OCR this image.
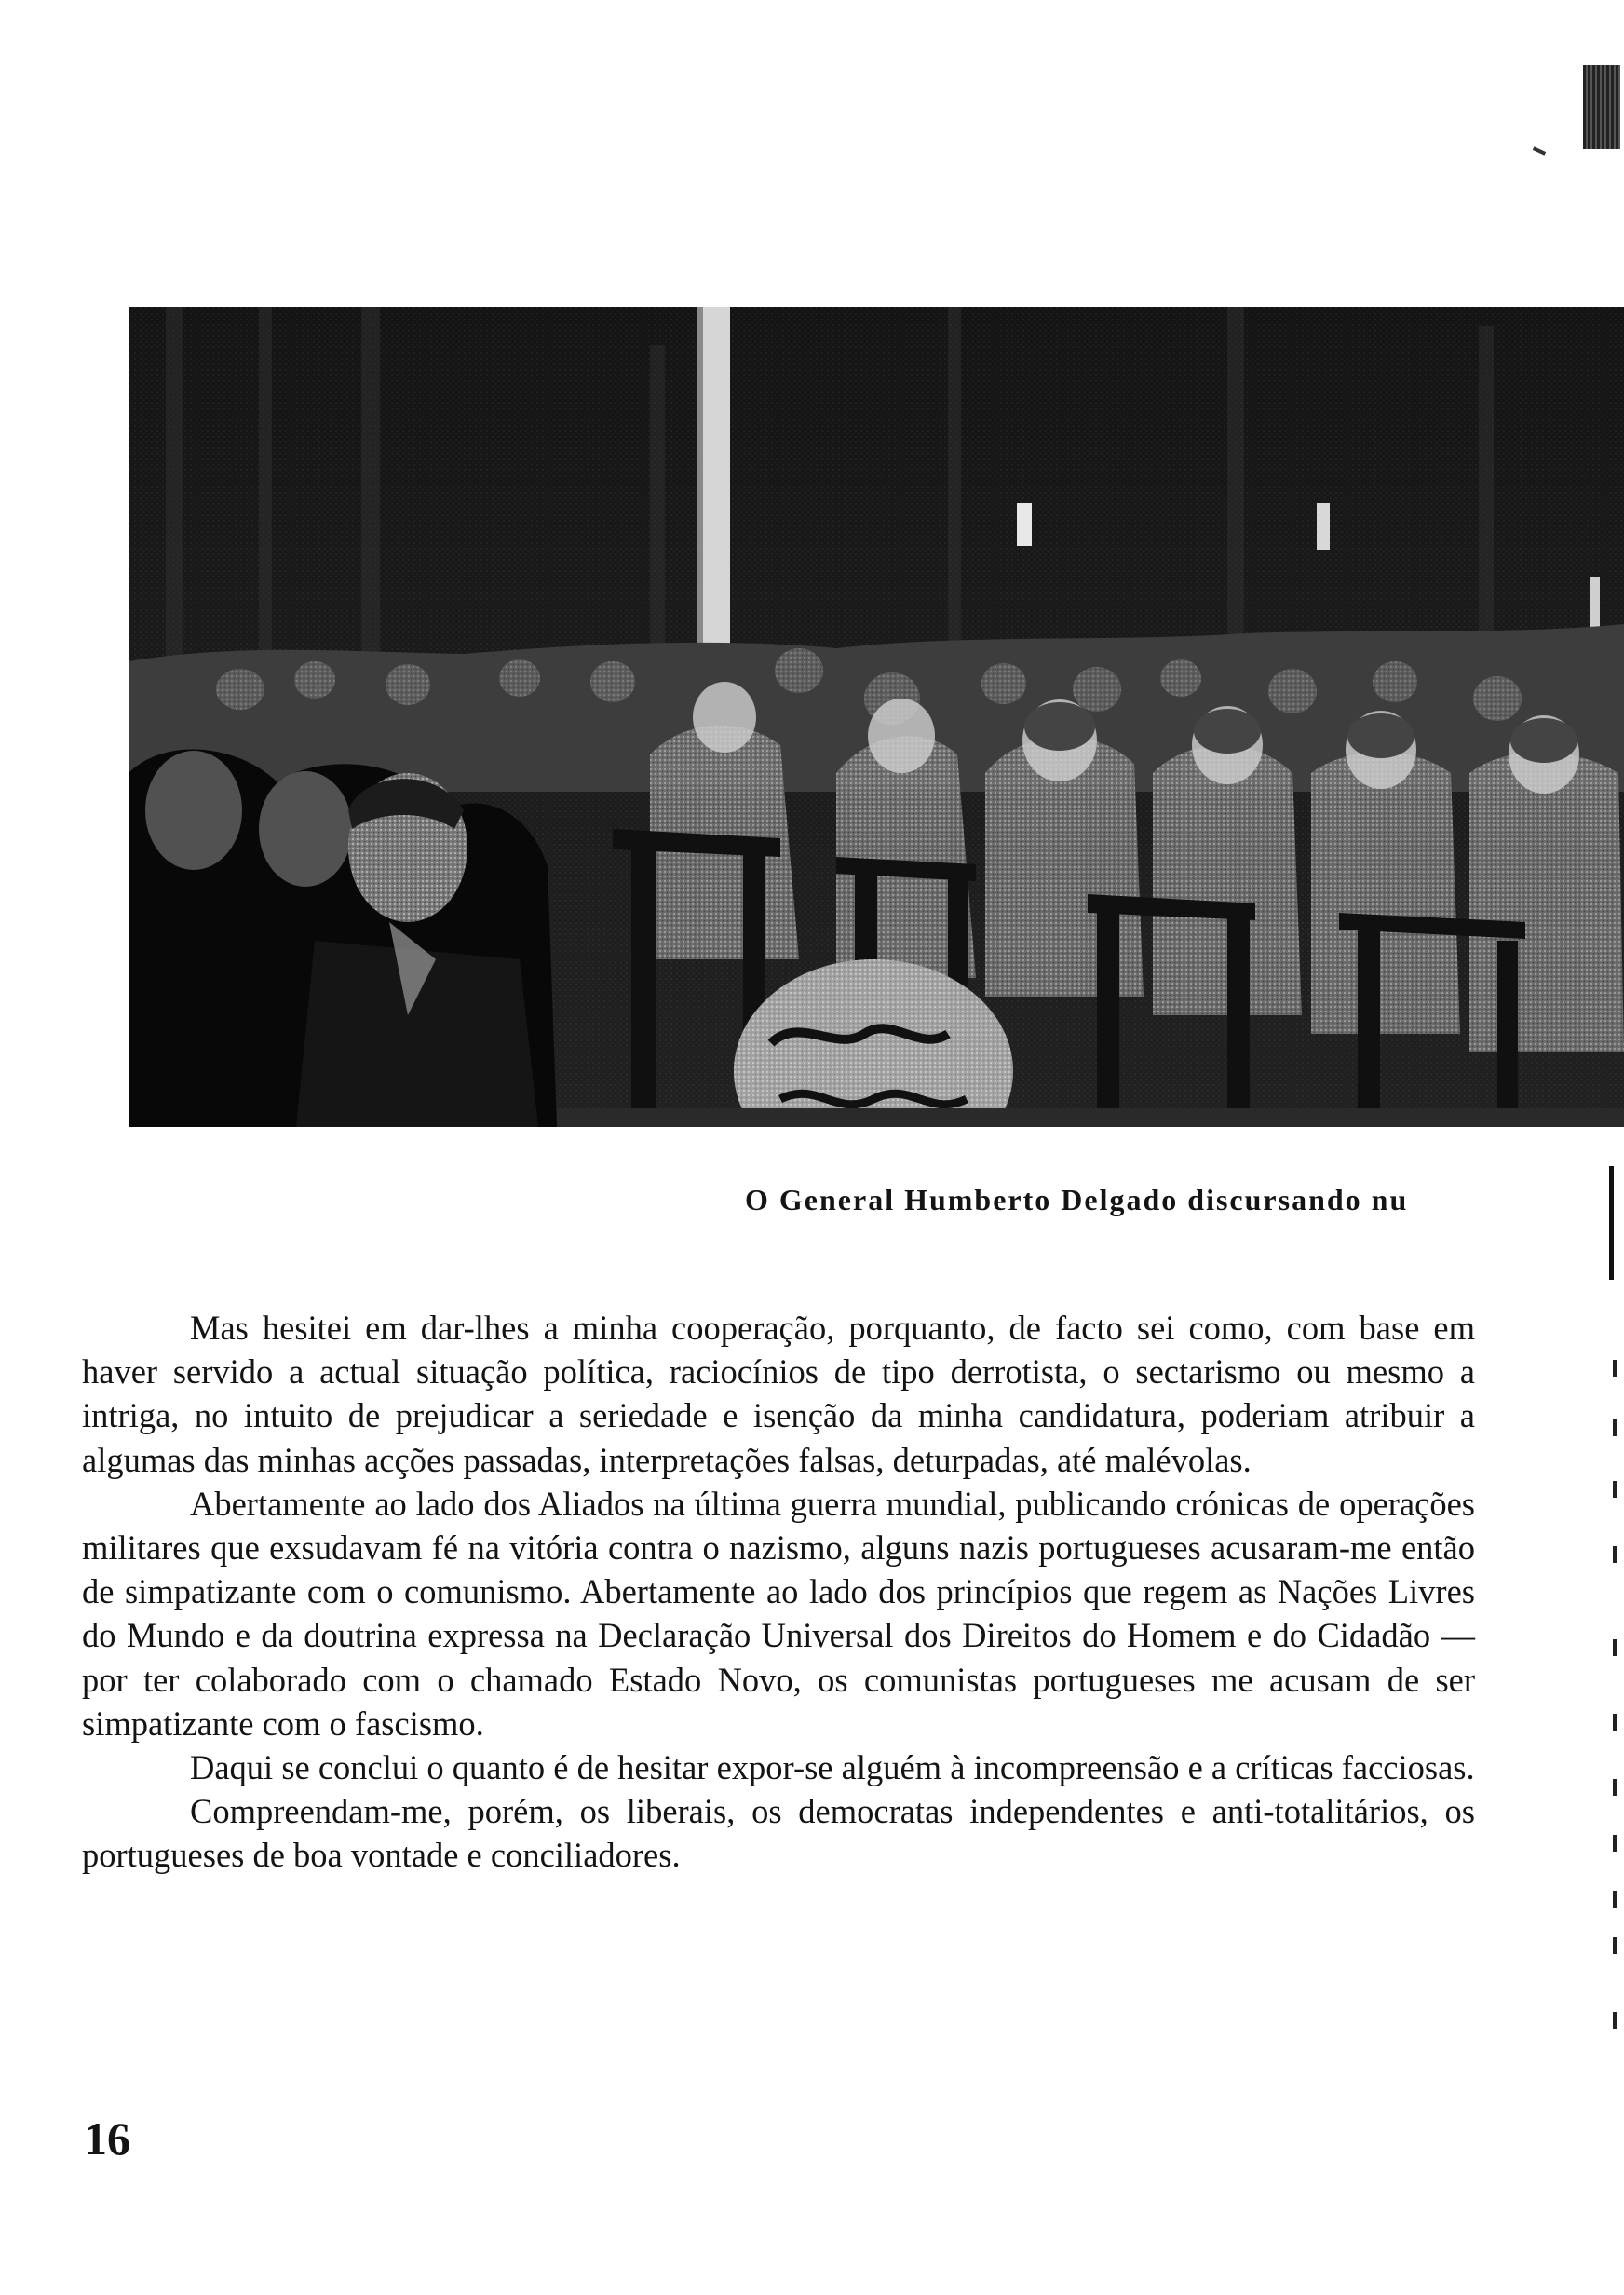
O General Humberto Delgado discursando nu

Mas hesitei em dar-lhes a minha cooperação, porquanto, de facto sei como, com base em haver servido a actual situação política, raciocínios de tipo derrotista, o sectarismo ou mesmo a intriga, no intuito de prejudicar a seriedade e isenção da minha candidatura, poderiam atribuir a algumas das minhas acções passadas, interpretações falsas, deturpadas, até malévolas.

Abertamente ao lado dos Aliados na última guerra mundial, publicando crónicas de operações militares que exsudavam fé na vitória contra o nazismo, alguns nazis portugueses acusaram-me então de simpatizante com o comunismo. Abertamente ao lado dos princípios que regem as Nações Livres do Mundo e da doutrina expressa na Declaração Universal dos Direitos do Homem e do Cidadão — por ter colaborado com o chamado Estado Novo, os comunistas portugueses me acusam de ser simpatizante com o fascismo.

Daqui se conclui o quanto é de hesitar expor-se alguém à incompreensão e a críticas facciosas.

Compreendam-me, porém, os liberais, os democratas independentes e anti-totalitários, os portugueses de boa vontade e conciliadores.

16
